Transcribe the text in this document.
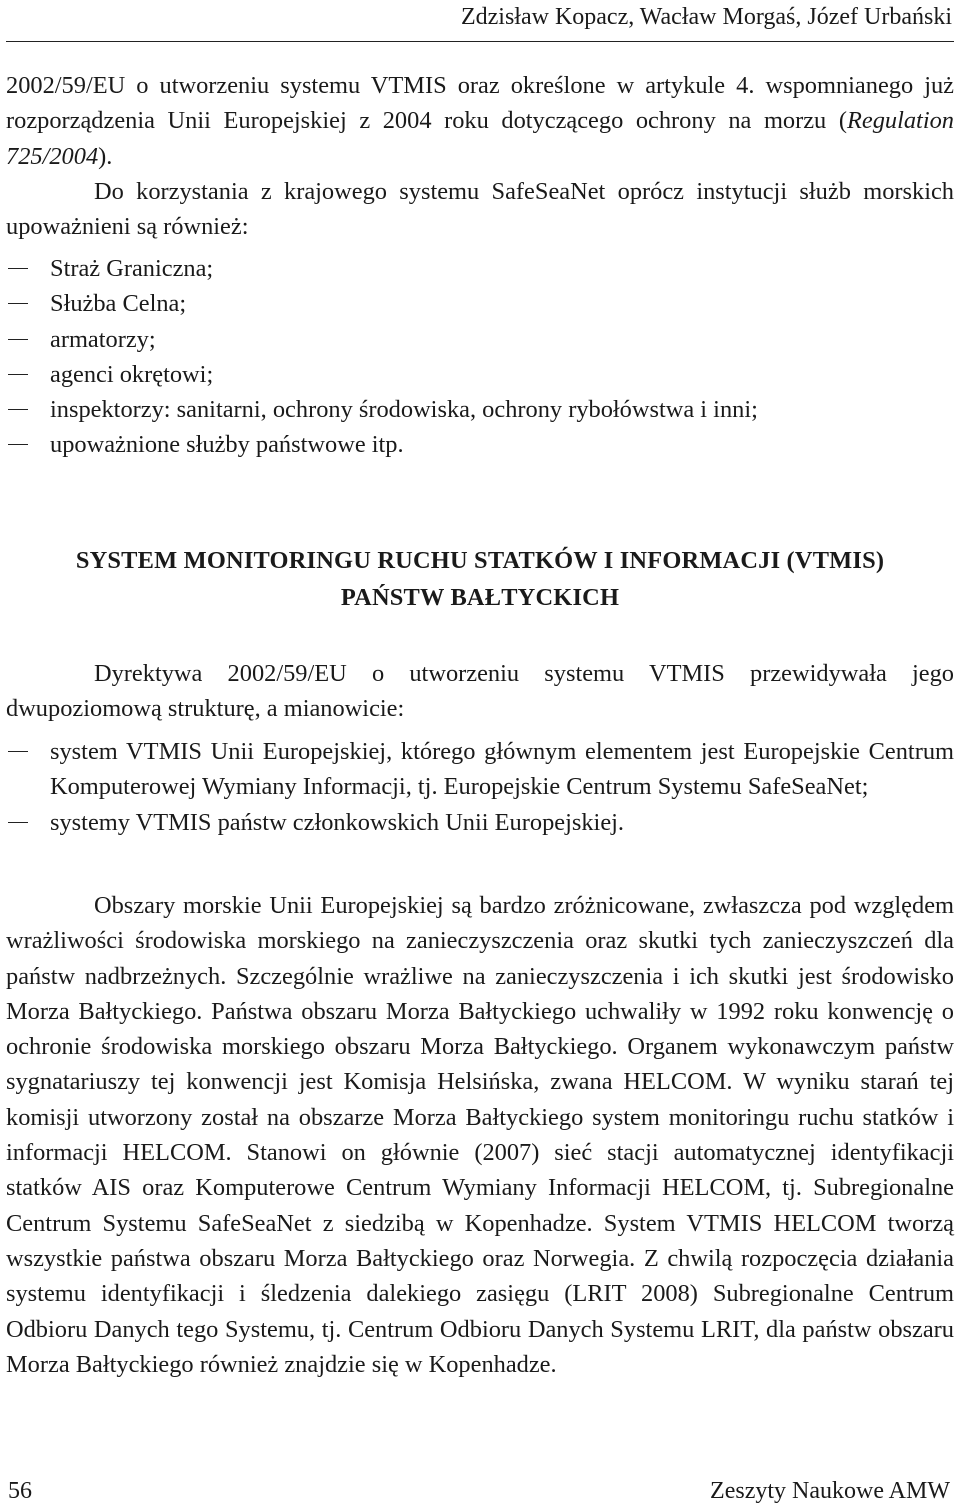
Zdzisław Kopacz, Wacław Morgaś, Józef Urbański

2002/59/EU o utworzeniu systemu VTMIS oraz określone w artykule 4. wspomnianego już rozporządzenia Unii Europejskiej z 2004 roku dotyczącego ochrony na morzu (Regulation 725/2004).

Do korzystania z krajowego systemu SafeSeaNet oprócz instytucji służb morskich upoważnieni są również:

Straż Graniczna;
Służba Celna;
armatorzy;
agenci okrętowi;
inspektorzy: sanitarni, ochrony środowiska, ochrony rybołówstwa i inni;
upoważnione służby państwowe itp.
SYSTEM MONITORINGU RUCHU STATKÓW I INFORMACJI (VTMIS)
PAŃSTW BAŁTYCKICH

Dyrektywa 2002/59/EU o utworzeniu systemu VTMIS przewidywała jego dwupoziomową strukturę, a mianowicie:

system VTMIS Unii Europejskiej, którego głównym elementem jest Europejskie Centrum Komputerowej Wymiany Informacji, tj. Europejskie Centrum Systemu SafeSeaNet;
systemy VTMIS państw członkowskich Unii Europejskiej.

Obszary morskie Unii Europejskiej są bardzo zróżnicowane, zwłaszcza pod względem wrażliwości środowiska morskiego na zanieczyszczenia oraz skutki tych zanieczyszczeń dla państw nadbrzeżnych. Szczególnie wrażliwe na zanieczyszczenia i ich skutki jest środowisko Morza Bałtyckiego. Państwa obszaru Morza Bałtyckiego uchwaliły w 1992 roku konwencję o ochronie środowiska morskiego obszaru Morza Bałtyckiego. Organem wykonawczym państw sygnatariuszy tej konwencji jest Komisja Helsińska, zwana HELCOM. W wyniku starań tej komisji utworzony został na obszarze Morza Bałtyckiego system monitoringu ruchu statków i informacji HELCOM. Stanowi on głównie (2007) sieć stacji automatycznej identyfikacji statków AIS oraz Komputerowe Centrum Wymiany Informacji HELCOM, tj. Subregionalne Centrum Systemu SafeSeaNet z siedzibą w Kopenhadze. System VTMIS HELCOM tworzą wszystkie państwa obszaru Morza Bałtyckiego oraz Norwegia. Z chwilą rozpoczęcia działania systemu identyfikacji i śledzenia dalekiego zasięgu (LRIT 2008) Subregionalne Centrum Odbioru Danych tego Systemu, tj. Centrum Odbioru Danych Systemu LRIT, dla państw obszaru Morza Bałtyckiego również znajdzie się w Kopenhadze.

56	Zeszyty Naukowe AMW
